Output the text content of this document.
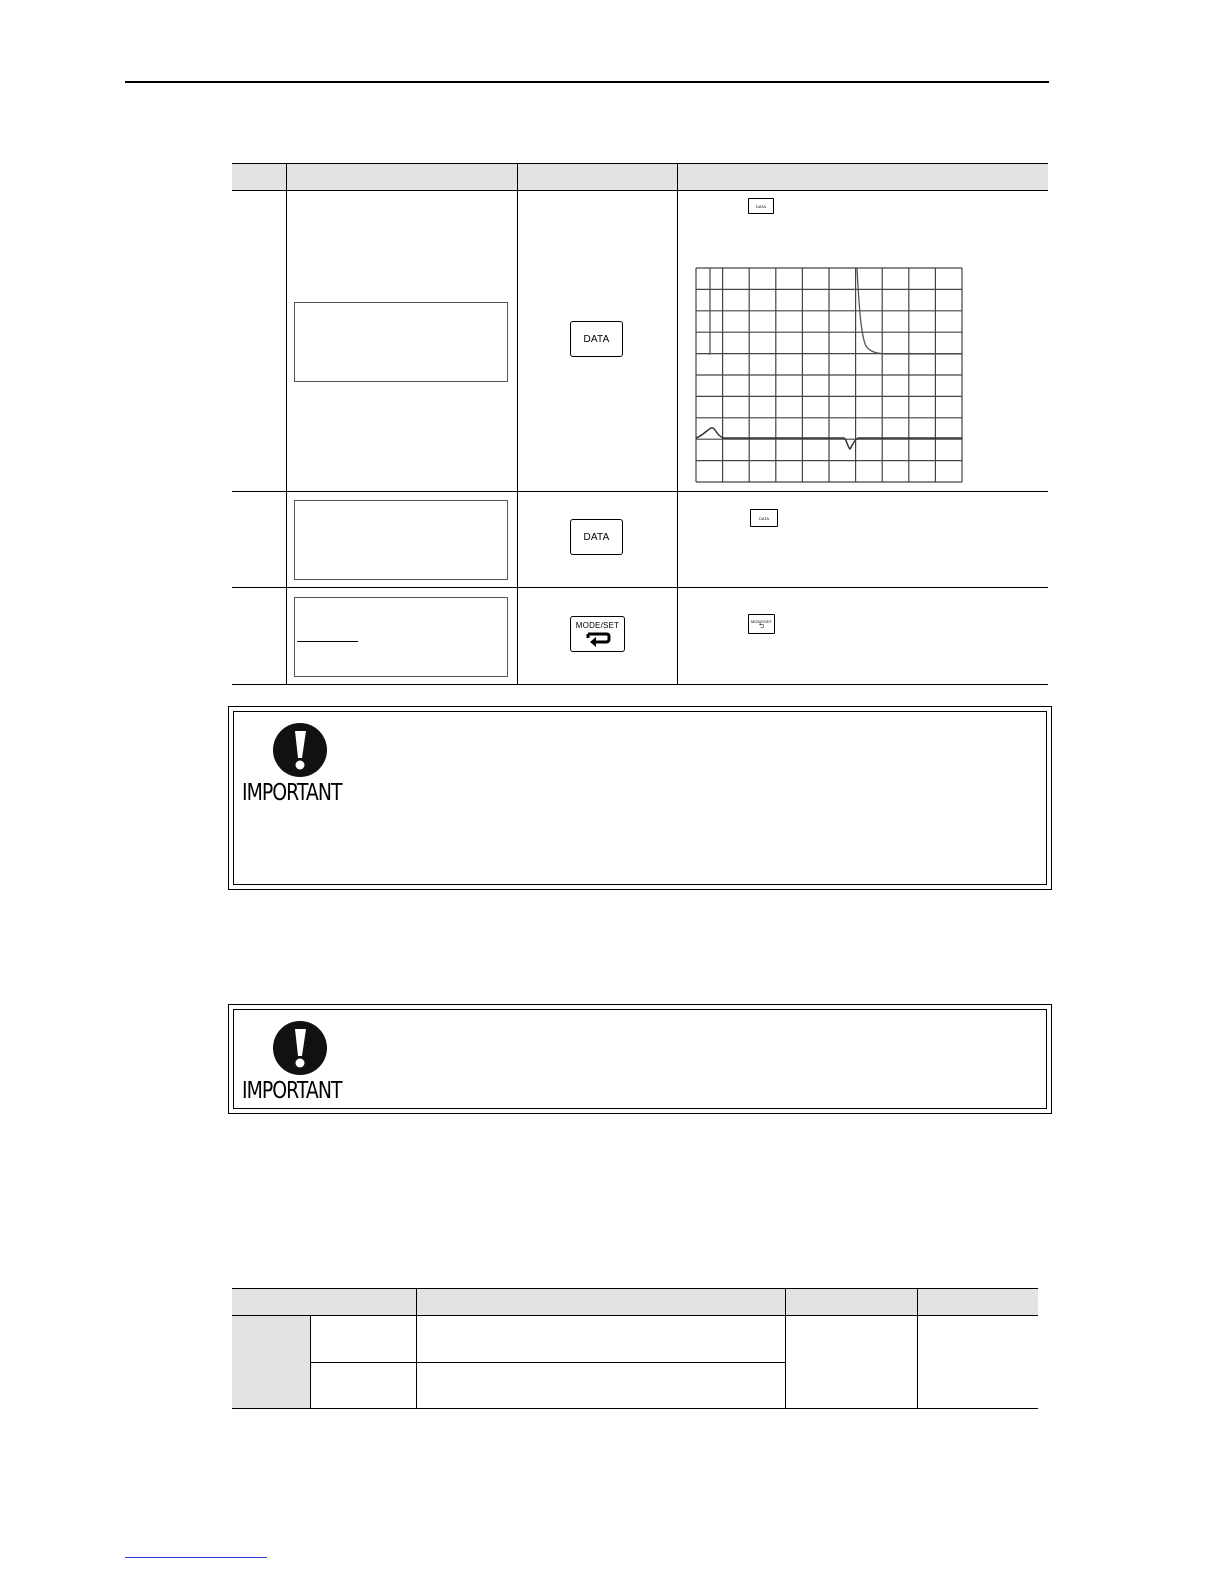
DATA
DATA
DATA
DATA
MODE/SET	MODE/SET
⮌
IMPORTANT
IMPORTANT
